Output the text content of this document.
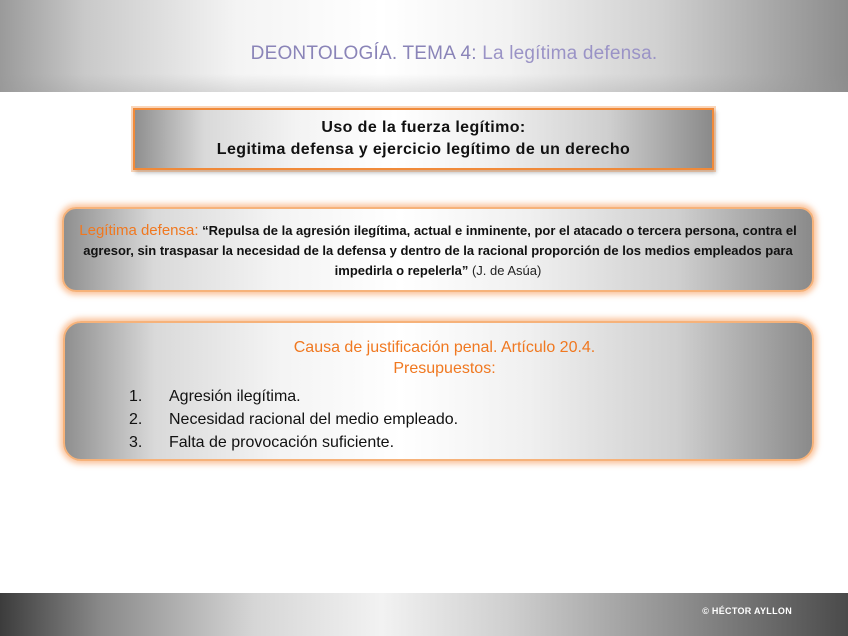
DEONTOLOGÍA. TEMA 4: La legítima defensa.
Uso de la fuerza legítimo:
Legitima defensa y ejercicio legítimo de un derecho
Legítima defensa: “Repulsa de la agresión ilegítima, actual e inminente, por el atacado o tercera persona, contra el agresor, sin traspasar la necesidad de la defensa y dentro de la racional proporción de los medios empleados para impedirla o repelerla” (J. de Asúa)
Causa de justificación penal. Artículo 20.4.
Presupuestos:
1.	Agresión ilegítima.
2.	Necesidad racional del medio empleado.
3.	Falta de provocación suficiente.
© HÉCTOR AYLLON
